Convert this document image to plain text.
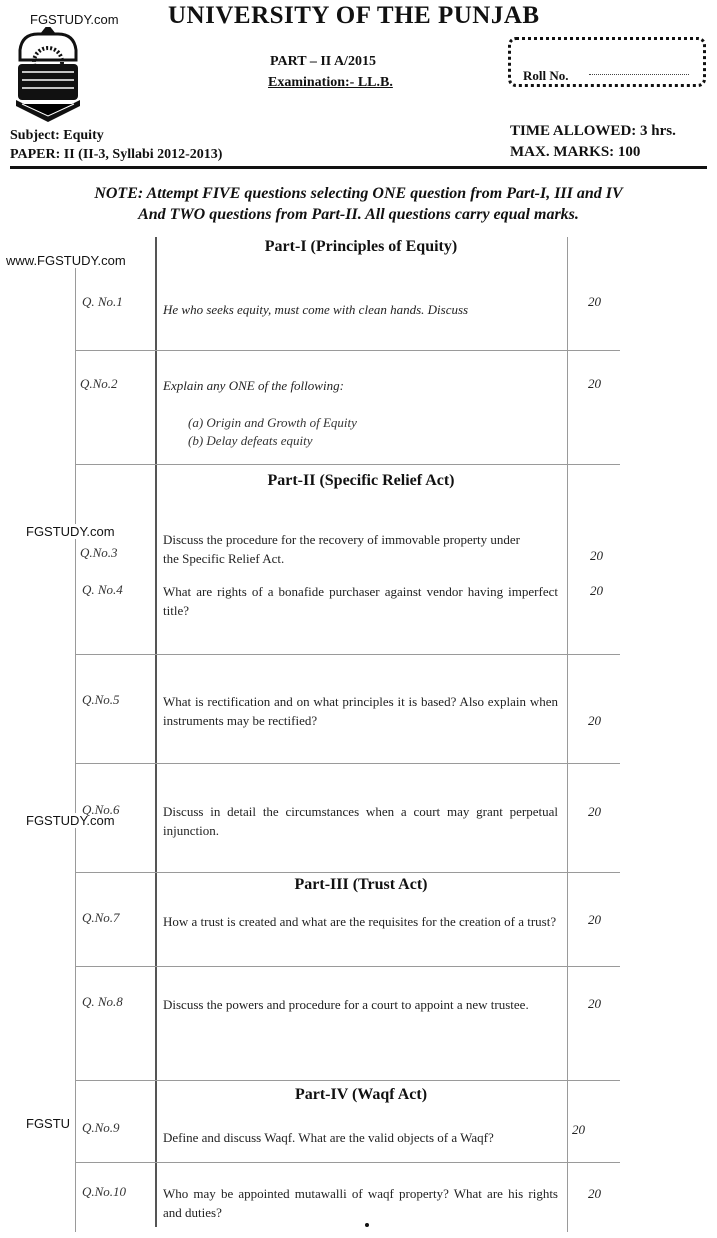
FGSTUDY.com UNIVERSITY OF THE PUNJAB
PART – II A/2015
Examination:- LL.B.	Roll No.
Subject: Equity
PAPER: II (II-3, Syllabi 2012-2013)
TIME ALLOWED: 3 hrs.
MAX. MARKS: 100
NOTE: Attempt FIVE questions selecting ONE question from Part-I, III and IV
And TWO questions from Part-II. All questions carry equal marks.
www.FGSTUDY.com
FGSTUDY.com
FGSTUDY.com
FGSTU
Part-I (Principles of Equity)
Q. No.1
He who seeks equity, must come with clean hands. Discuss
20
Q.No.2	Explain any ONE of the following:
(a) Origin and Growth of Equity
(b) Delay defeats equity
20
Part-II (Specific Relief Act)
Q.No.3
Discuss the procedure for the recovery of immovable property under the Specific Relief Act.	20
Q. No.4	What are rights of a bonafide purchaser against vendor having imperfect title?
20
Q.No.5	What is rectification and on what principles it is based? Also explain when instruments may be rectified?	20
Q.No.6	Discuss in detail the circumstances when a court may grant perpetual injunction.
20
Part-III (Trust Act)
Q.No.7	How a trust is created and what are the requisites for the creation of a trust? 20
Q. No.8	Discuss the powers and procedure for a court to appoint a new trustee.	20
Part-IV (Waqf Act)
Q.No.9
Define and discuss Waqf. What are the valid objects of a Waqf?
20
Q.No.10	Who may be appointed mutawalli of waqf property? What are his rights and duties?
20
